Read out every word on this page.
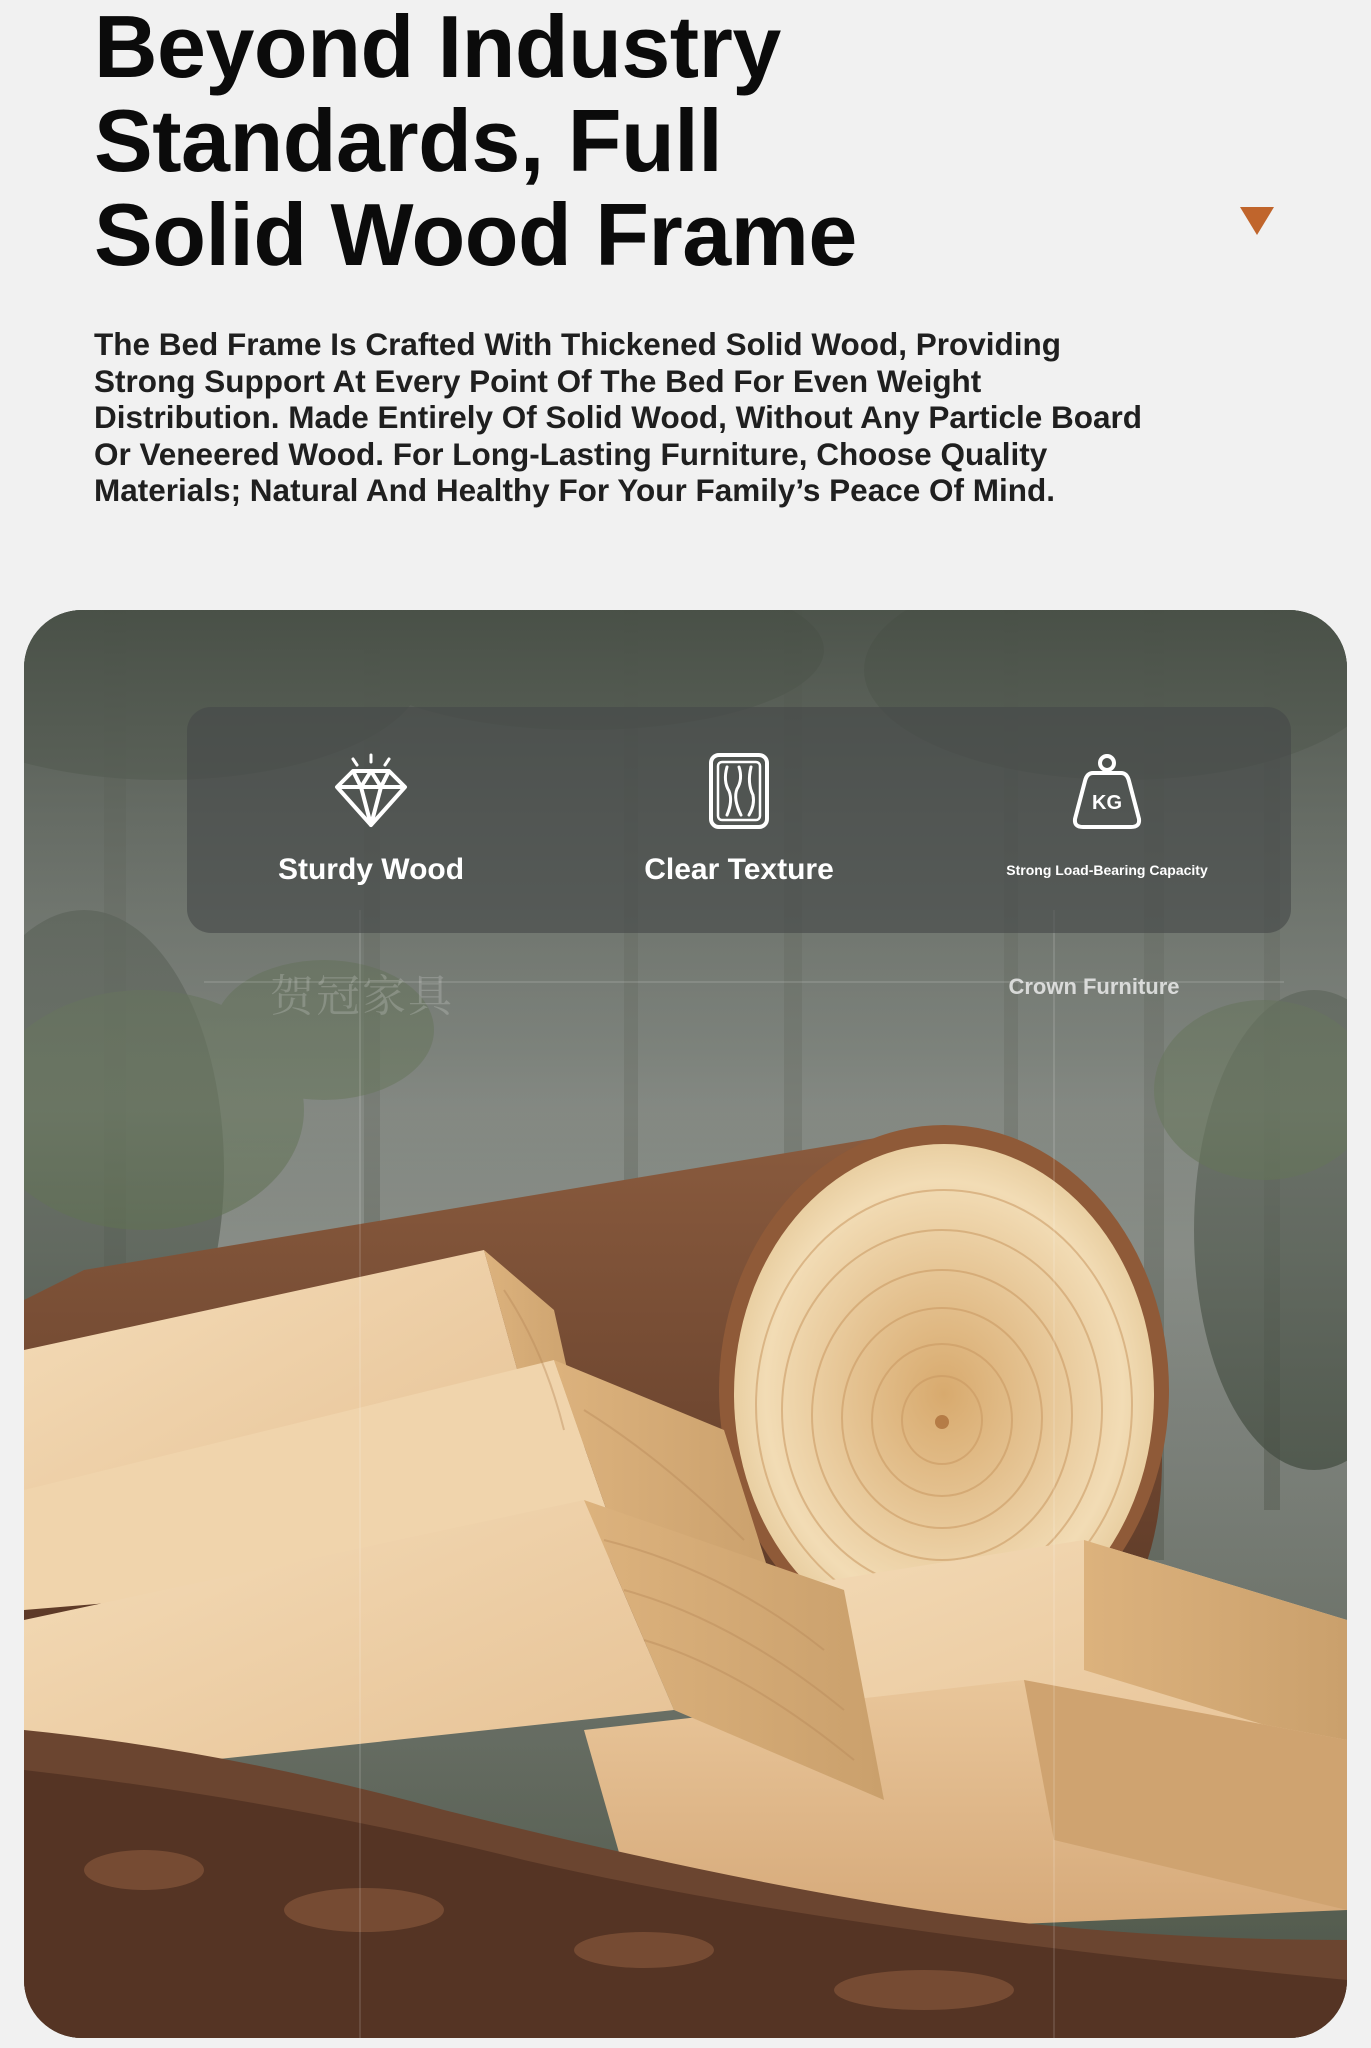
Beyond Industry
Standards, Full
Solid Wood Frame

The Bed Frame Is Crafted With Thickened Solid Wood, Providing
Strong Support At Every Point Of The Bed For Even Weight
Distribution. Made Entirely Of Solid Wood, Without Any Particle Board
Or Veneered Wood. For Long-Lasting Furniture, Choose Quality
Materials; Natural And Healthy For Your Family’s Peace Of Mind.

贺冠家具	Crown Furniture
Sturdy Wood	Clear Texture
KG
Strong Load-Bearing Capacity
